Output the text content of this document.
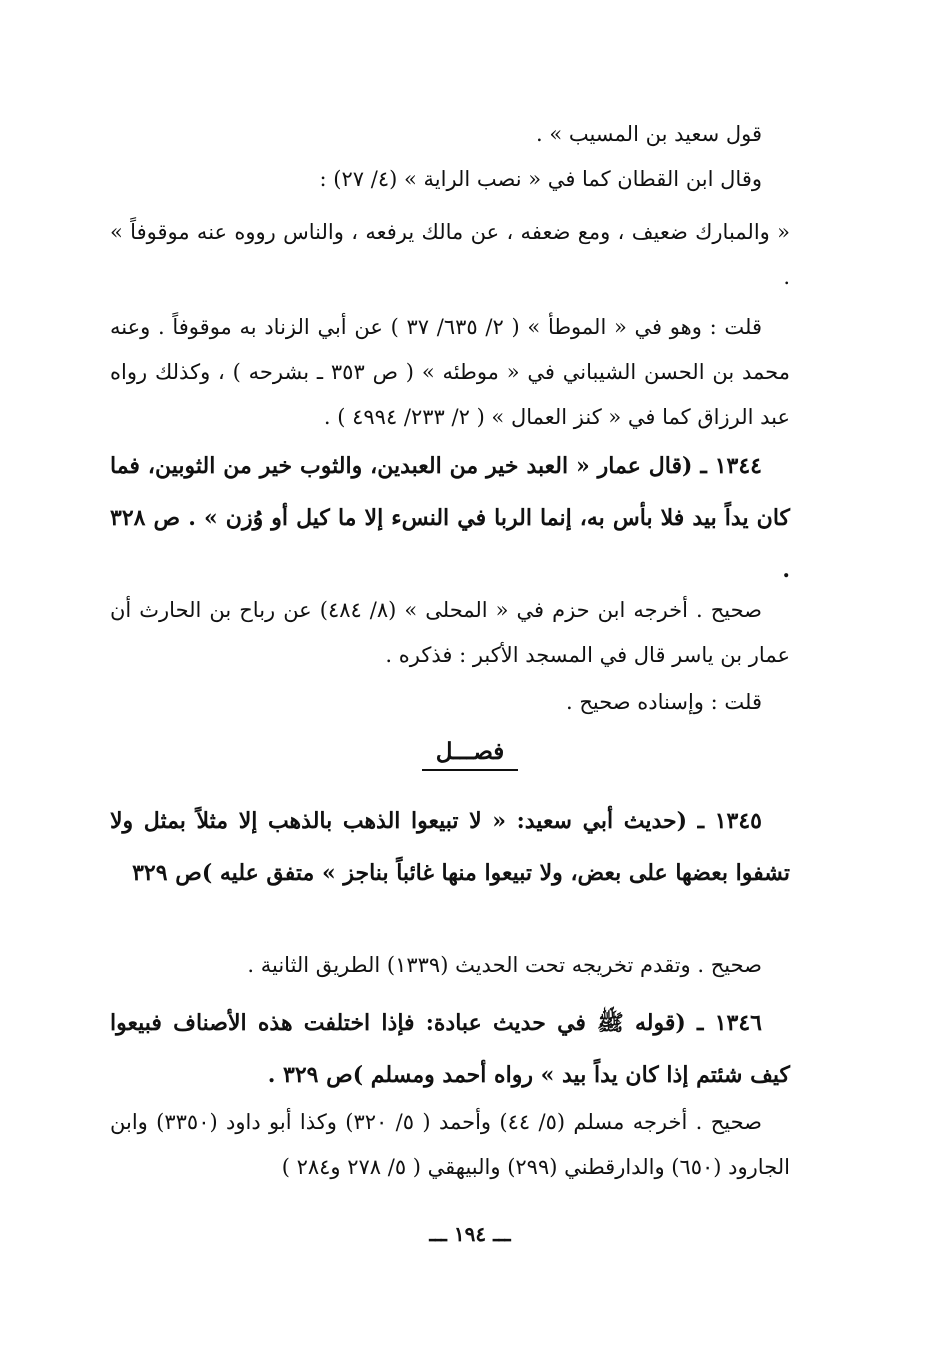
قول سعيد بن المسيب » .
وقال ابن القطان كما في « نصب الراية » (٤/ ٢٧) :
« والمبارك ضعيف ، ومع ضعفه ، عن مالك يرفعه ، والناس رووه عنه موقوفاً » .
قلت : وهو في « الموطأ » ( ٢/ ٦٣٥/ ٣٧ ) عن أبي الزناد به موقوفاً . وعنه محمد بن الحسن الشيباني في « موطئه » ( ص ٣٥٣ ـ بشرحه ) ، وكذلك رواه عبد الرزاق كما في « كنز العمال » ( ٢/ ٢٣٣/ ٤٩٩٤ ) .
١٣٤٤ ـ (قال عمار « العبد خير من العبدين، والثوب خير من الثوبين، فما كان يداً بيد فلا بأس به، إنما الربا في النسء إلا ما كيل أو وُزن » . ص ٣٢٨ .
صحيح . أخرجه ابن حزم في « المحلى » (٨/ ٤٨٤) عن رباح بن الحارث أن عمار بن ياسر قال في المسجد الأكبر : فذكره .
قلت : وإسناده صحيح .
فصـــل
١٣٤٥ ـ (حديث أبي سعيد: « لا تبيعوا الذهب بالذهب إلا مثلاً بمثل ولا تشفوا بعضها على بعض، ولا تبيعوا منها غائباً بناجز » متفق عليه )ص ٣٢٩
صحيح . وتقدم تخريجه تحت الحديث (١٣٣٩) الطريق الثانية .
١٣٤٦ ـ (قوله ﷺ في حديث عبادة: فإذا اختلفت هذه الأصناف فبيعوا كيف شئتم إذا كان يداً بيد » رواه أحمد ومسلم )ص ٣٢٩ .
صحيح . أخرجه مسلم (٥/ ٤٤) وأحمد ( ٥/ ٣٢٠) وكذا أبو داود (٣٣٥٠) وابن الجارود (٦٥٠) والدارقطني (٢٩٩) والبيهقي ( ٥/ ٢٧٨ و٢٨٤ )
ـــ ١٩٤ ـــ
